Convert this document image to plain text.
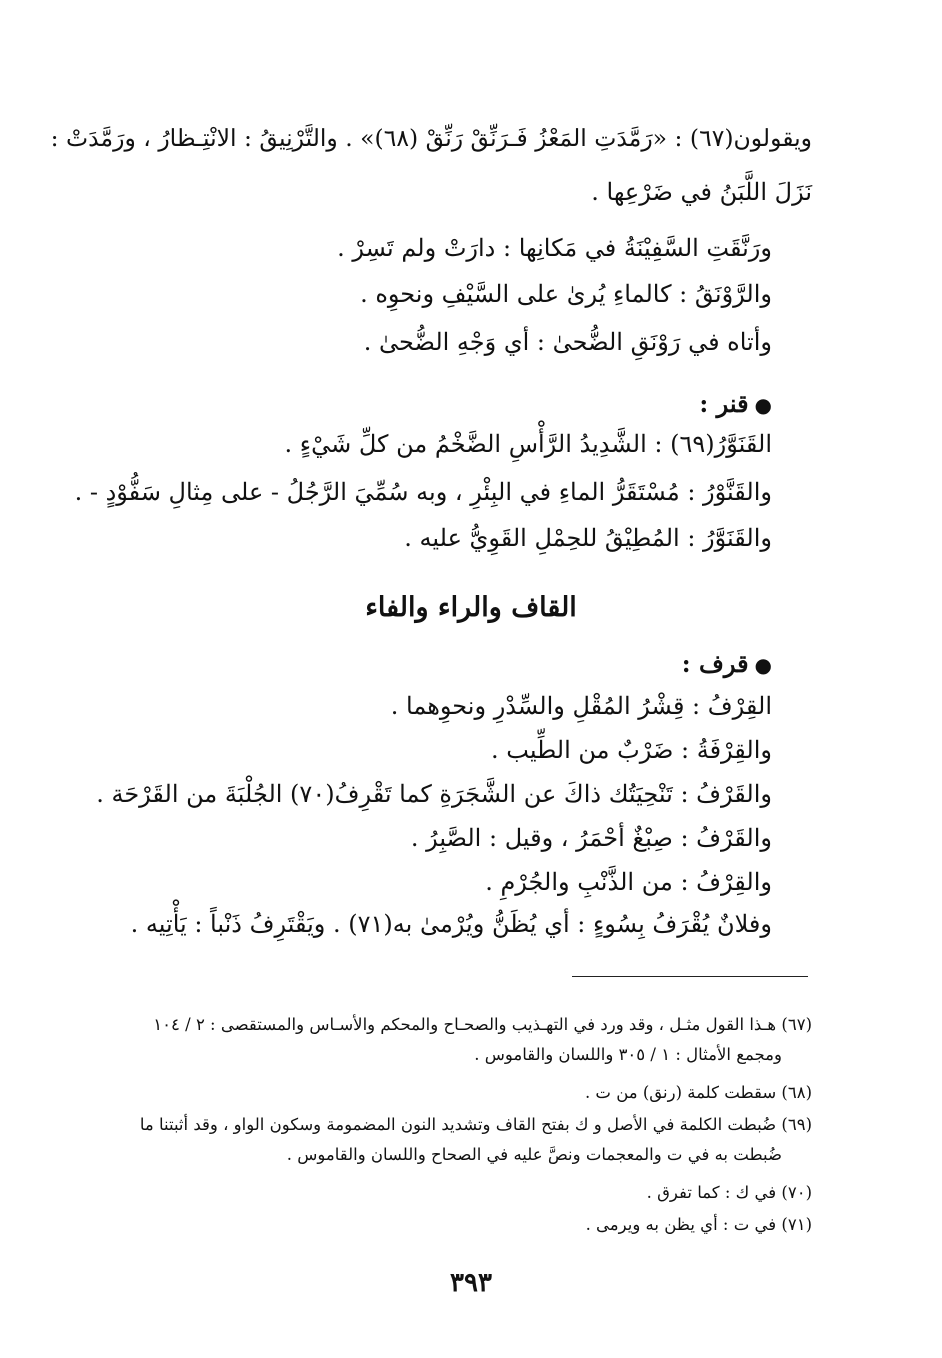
ويقولون(٦٧) : «رَمَّدَتِ المَعْزُ فَـرَنِّقْ رَنِّقْ (٦٨)» . والتَّرْنِيقُ : الانْتِـظارُ ، ورَمَّدَتْ :
نَزَلَ اللَّبَنُ في ضَرْعِها .
ورَنَّقَتِ السَّفِيْنَةُ في مَكانِها : دارَتْ ولم تَسِرْ .
والرَّوْنَقُ : كالماءِ يُرىٰ على السَّيْفِ ونحوِه .
وأتاه في رَوْنَقِ الضُّحىٰ : أي وَجْهِ الضُّحىٰ .
●قنر :
القَنَوَّرُ(٦٩) : الشَّدِيدُ الرَّأْسِ الضَّخْمُ من كلِّ شَيْءٍ .
والقَنَّوْرُ : مُسْتَقَرُّ الماءِ في البِئْرِ ، وبه سُمِّيَ الرَّجُلُ - على مِثالِ سَفُّوْدٍ - .
والقَنَوَّرُ : المُطِيْقُ للحِمْلِ القَوِيُّ عليه .
القاف والراء والفاء
●قرف :
القِرْفُ : قِشْرُ المُقْلِ والسِّدْرِ ونحوِهما .
والقِرْفَةُ : ضَرْبٌ من الطِّيب .
والقَرْفُ : تَنْحِيَتُك ذاكَ عن الشَّجَرَةِ كما تَقْرِفُ(٧٠) الجُلْبَةَ من القَرْحَة .
والقَرْفُ : صِبْغٌ أحْمَرُ ، وقيل : الصَّبِرُ .
والقِرْفُ : من الذَّنْبِ والجُرْمِ .
وفلانٌ يُقْرَفُ بِسُوءٍ : أي يُظَنُّ ويُرْمىٰ به(٧١) . ويَقْتَرِفُ ذَنْباً : يَأْتِيه .
(٦٧) هـذا القول مثـل ، وقد ورد في التهـذيب والصحـاح والمحكم والأسـاس والمستقصى : ٢ / ١٠٤
ومجمع الأمثال : ١ / ٣٠٥ واللسان والقاموس .
(٦٨) سقطت كلمة (رنق) من ت .
(٦٩) ضُبطت الكلمة في الأصل و ك بفتح القاف وتشديد النون المضمومة وسكون الواو ، وقد أثبتنا ما
ضُبطت به في ت والمعجمات ونصَّ عليه في الصحاح واللسان والقاموس .
(٧٠) في ك : كما تفرق .
(٧١) في ت : أي يظن به ويرمى .
٣٩٣
